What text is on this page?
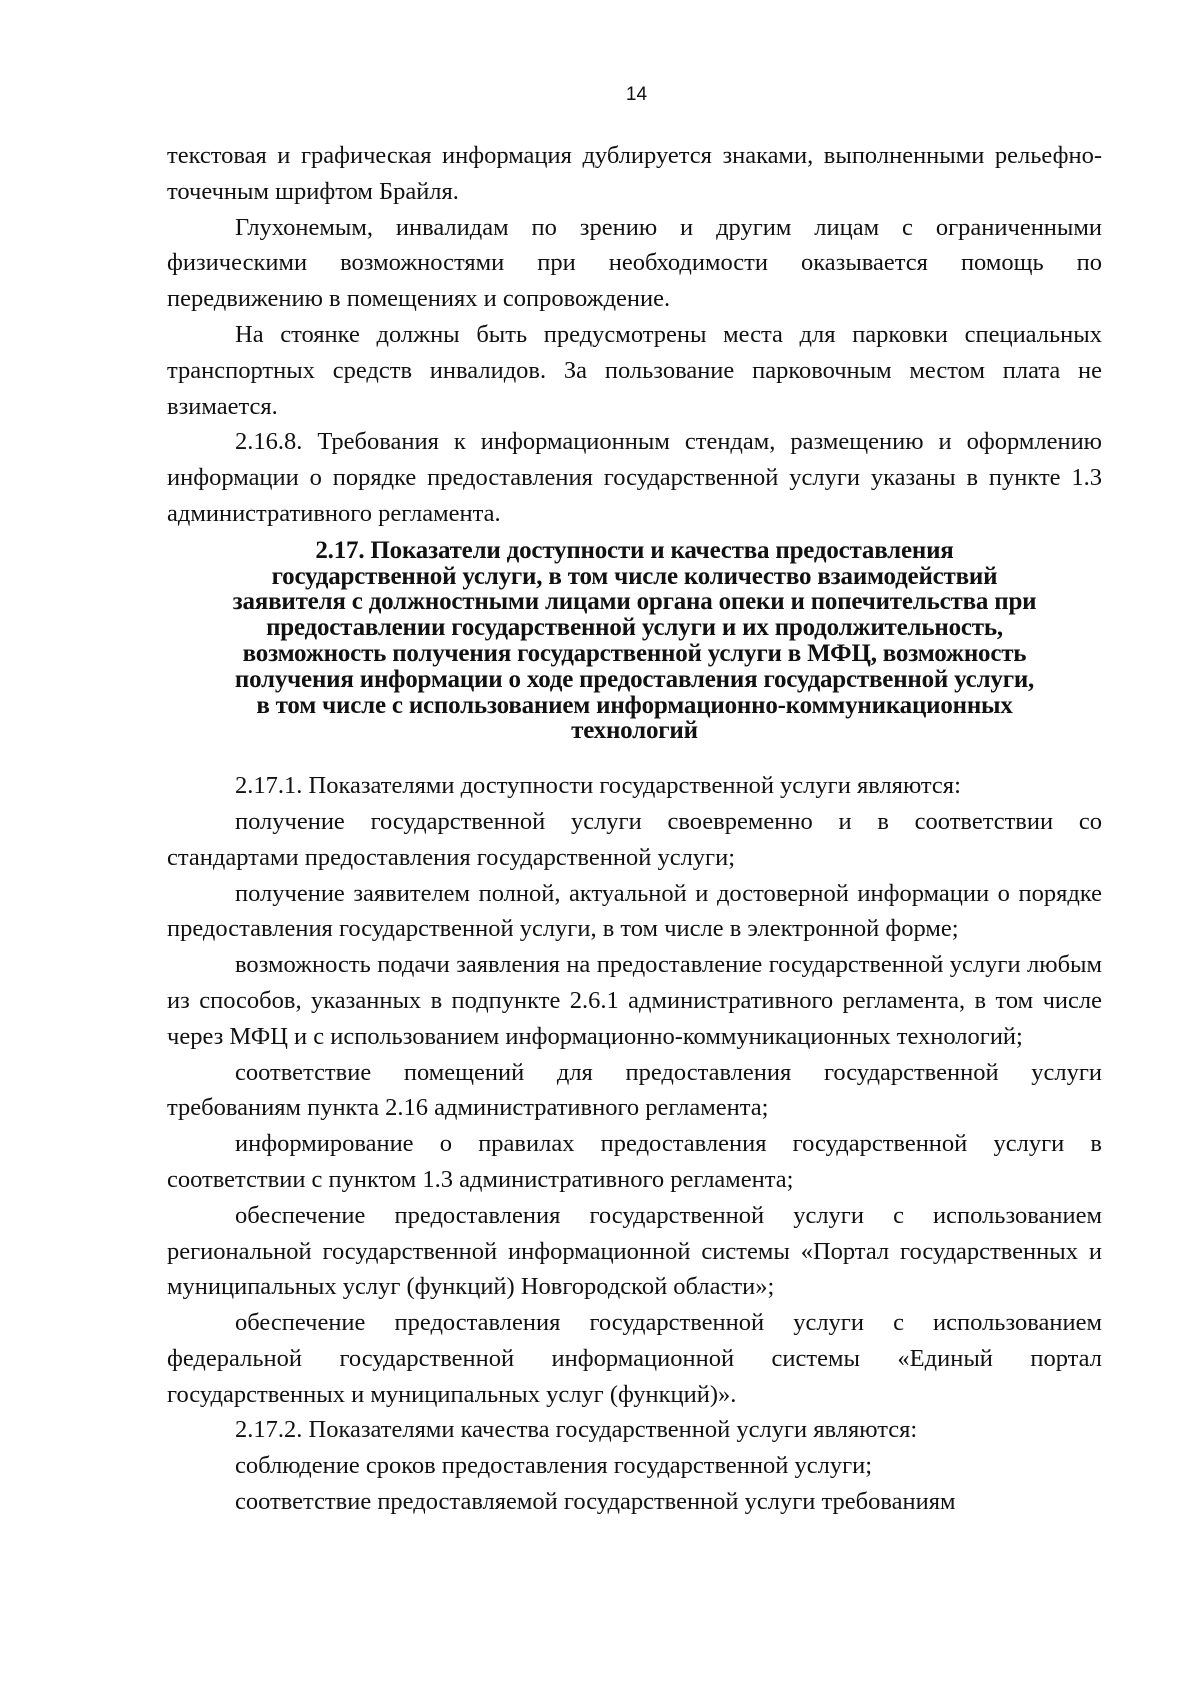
14

текстовая и графическая информация дублируется знаками, выполненными рельефно-точечным шрифтом Брайля.

Глухонемым, инвалидам по зрению и другим лицам с ограниченными физическими возможностями при необходимости оказывается помощь по передвижению в помещениях и сопровождение.

На стоянке должны быть предусмотрены места для парковки специальных транспортных средств инвалидов. За пользование парковочным местом плата не взимается.

2.16.8. Требования к информационным стендам, размещению и оформлению информации о порядке предоставления государственной услуги указаны в пункте 1.3 административного регламента.

2.17. Показатели доступности и качества предоставления
государственной услуги, в том числе количество взаимодействий
заявителя с должностными лицами органа опеки и попечительства при
предоставлении государственной услуги и их продолжительность,
возможность получения государственной услуги в МФЦ, возможность
получения информации о ходе предоставления государственной услуги,
в том числе с использованием информационно-коммуникационных
технологий

2.17.1. Показателями доступности государственной услуги являются:

получение государственной услуги своевременно и в соответствии со стандартами предоставления государственной услуги;

получение заявителем полной, актуальной и достоверной информации о порядке предоставления государственной услуги, в том числе в электронной форме;

возможность подачи заявления на предоставление государственной услуги любым из способов, указанных в подпункте 2.6.1 административного регламента, в том числе через МФЦ и с использованием информационно-коммуникационных технологий;

соответствие помещений для предоставления государственной услуги требованиям пункта 2.16 административного регламента;

информирование о правилах предоставления государственной услуги в соответствии с пунктом 1.3 административного регламента;

обеспечение предоставления государственной услуги с использованием региональной государственной информационной системы «Портал государственных и муниципальных услуг (функций) Новгородской области»;

обеспечение предоставления государственной услуги с использованием федеральной государственной информационной системы «Единый портал государственных и муниципальных услуг (функций)».

2.17.2. Показателями качества государственной услуги являются:

соблюдение сроков предоставления государственной услуги;

соответствие предоставляемой государственной услуги требованиям
